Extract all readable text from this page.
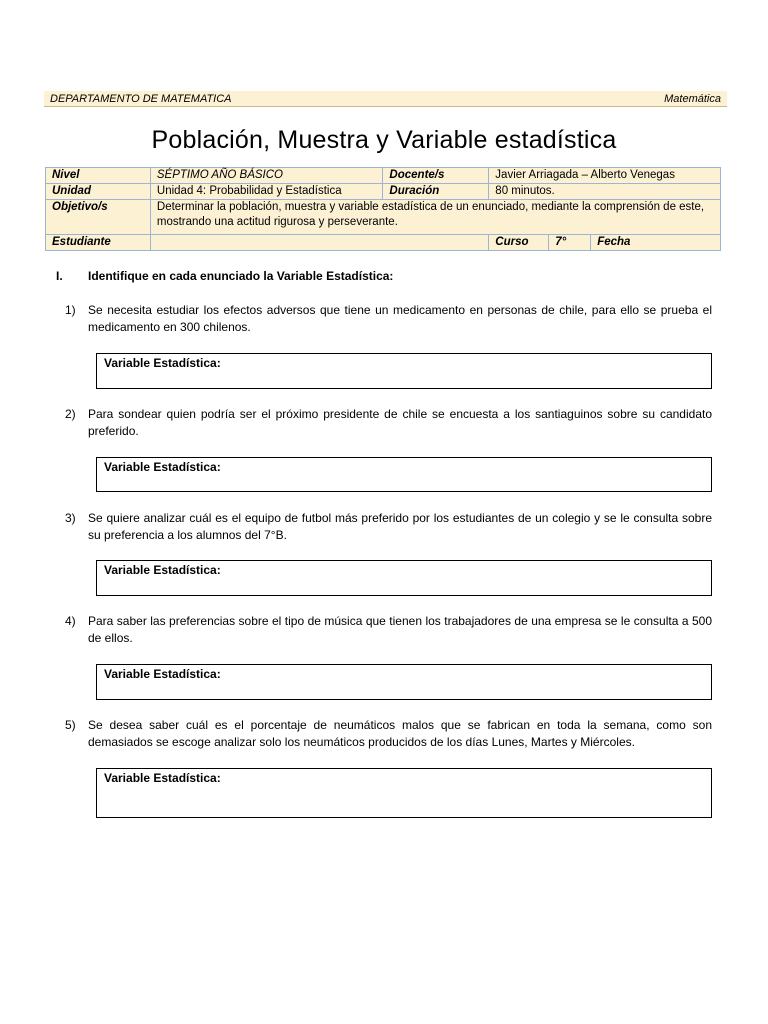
DEPARTAMENTO DE MATEMATICA	Matemática
Población, Muestra y Variable estadística
Nivel	SÉPTIMO AÑO BÁSICO	Docente/s	Javier Arriagada – Alberto Venegas		
Unidad	Unidad 4: Probabilidad y Estadística	Duración	80 minutos.		
Objetivo/s	Determinar la población, muestra y variable estadística de un enunciado, mediante la comprensión de este, mostrando una actitud rigurosa y perseverante.				
Estudiante			Curso	7°	Fecha
I. Identifique en cada enunciado la Variable Estadística:
1) Se necesita estudiar los efectos adversos que tiene un medicamento en personas de chile, para ello se prueba el medicamento en 300 chilenos.
Variable Estadística:
2) Para sondear quien podría ser el próximo presidente de chile se encuesta a los santiaguinos sobre su candidato preferido.
Variable Estadística:
3) Se quiere analizar cuál es el equipo de futbol más preferido por los estudiantes de un colegio y se le consulta sobre su preferencia a los alumnos del 7°B.
Variable Estadística:
4) Para saber las preferencias sobre el tipo de música que tienen los trabajadores de una empresa se le consulta a 500 de ellos.
Variable Estadística:
5) Se desea saber cuál es el porcentaje de neumáticos malos que se fabrican en toda la semana, como son demasiados se escoge analizar solo los neumáticos producidos de los días Lunes, Martes y Miércoles.
Variable Estadística:
